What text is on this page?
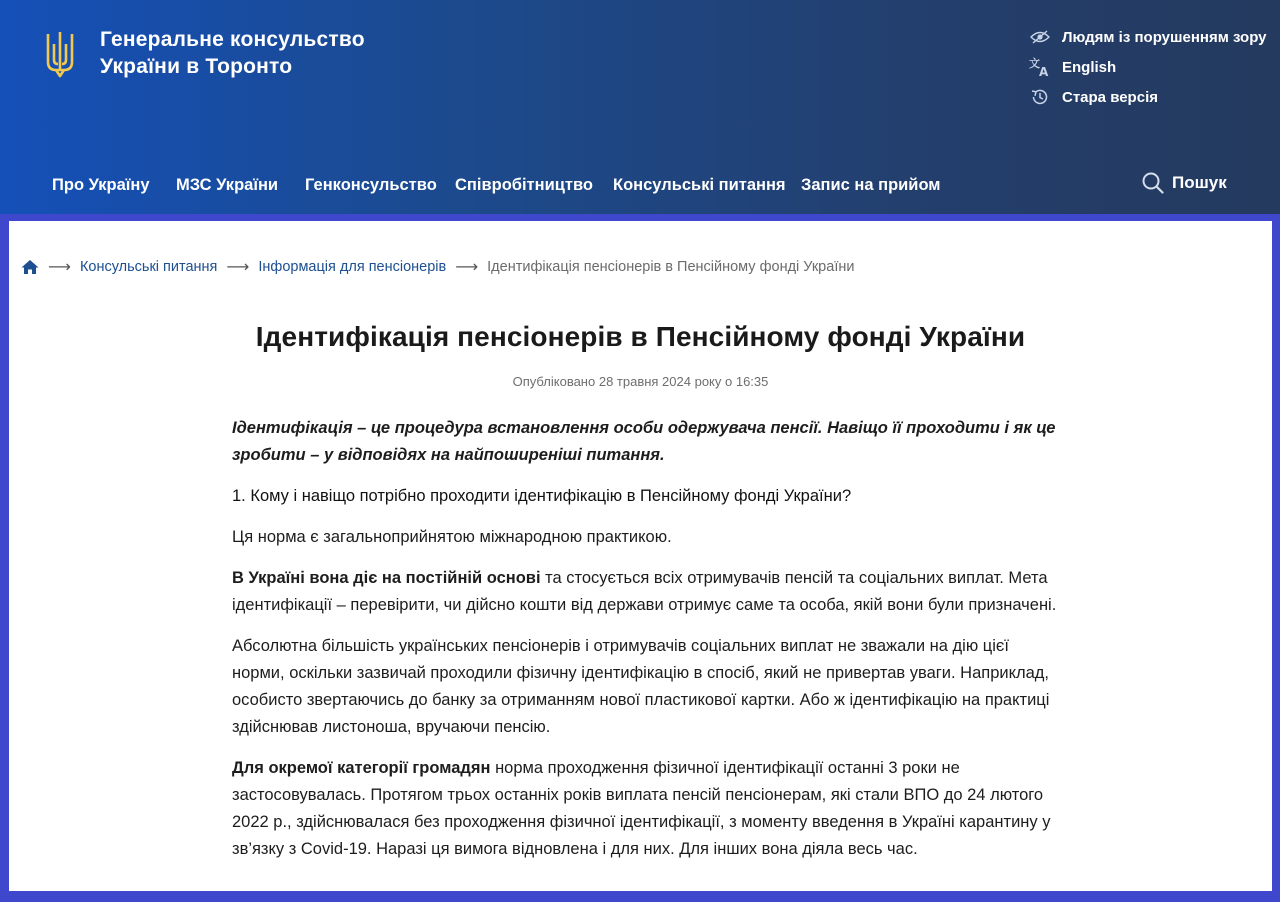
Генеральне консульство
України в Торонто
Людям із порушенням зору
文
A English
Стара версія
Про Україну МЗС України Генконсульство Співробітництво Консульські питання Запис на прийом	Пошук
⟶ Консульські питання ⟶ Інформація для пенсіонерів ⟶ Ідентифікація пенсіонерів в Пенсійному фонді України
Ідентифікація пенсіонерів в Пенсійному фонді України
Опубліковано 28 травня 2024 року о 16:35

Ідентифікація – це процедура встановлення особи одержувача пенсії. Навіщо її проходити і як це зробити – у відповідях на найпоширеніші питання.

1. Кому і навіщо потрібно проходити ідентифікацію в Пенсійному фонді України?

Ця норма є загальноприйнятою міжнародною практикою.

В Україні вона діє на постійній основі та стосується всіх отримувачів пенсій та соціальних виплат. Мета ідентифікації – перевірити, чи дійсно кошти від держави отримує саме та особа, якій вони були призначені.

Абсолютна більшість українських пенсіонерів і отримувачів соціальних виплат не зважали на дію цієї норми, оскільки зазвичай проходили фізичну ідентифікацію в спосіб, який не привертав уваги. Наприклад, особисто звертаючись до банку за отриманням нової пластикової картки. Або ж ідентифікацію на практиці здійснював листоноша, вручаючи пенсію.

Для окремої категорії громадян норма проходження фізичної ідентифікації останні 3 роки не застосовувалась. Протягом трьох останніх років виплата пенсій пенсіонерам, які стали ВПО до 24 лютого 2022 р., здійснювалася без проходження фізичної ідентифікації, з моменту введення в Україні карантину у зв’язку з Covid-19. Наразі ця вимога відновлена і для них. Для інших вона діяла весь час.
